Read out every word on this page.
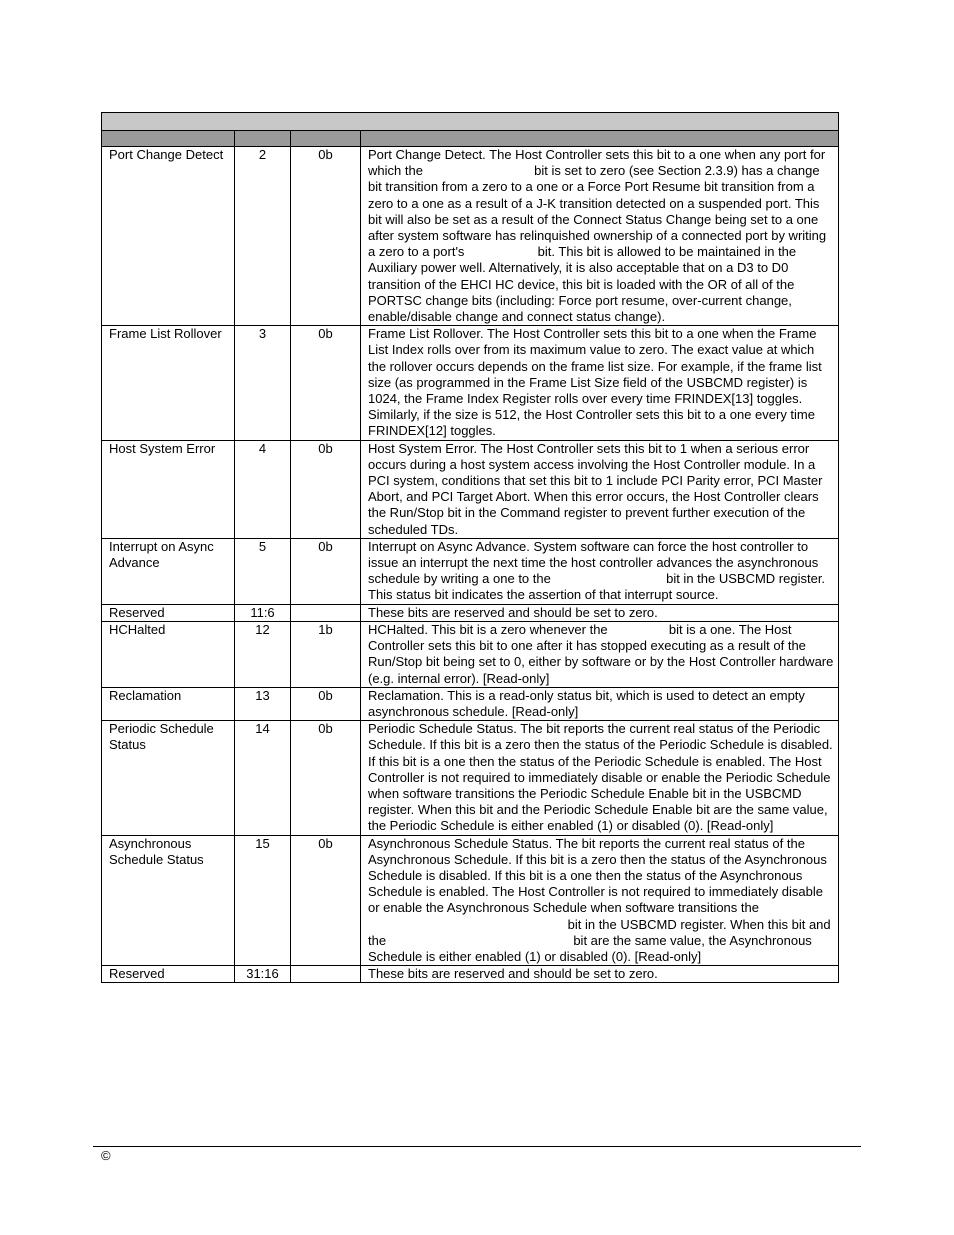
Port Change Detect	2	0b	Port Change Detect. The Host Controller sets this bit to a one when any port for which the bit is set to zero (see Section 2.3.9) has a change bit transition from a zero to a one or a Force Port Resume bit transition from a zero to a one as a result of a J-K transition detected on a suspended port. This bit will also be set as a result of the Connect Status Change being set to a one after system software has relinquished ownership of a connected port by writing a zero to a port's bit. This bit is allowed to be maintained in the Auxiliary power well. Alternatively, it is also acceptable that on a D3 to D0 transition of the EHCI HC device, this bit is loaded with the OR of all of the PORTSC change bits (including: Force port resume, over-current change, enable/disable change and connect status change).
Frame List Rollover	3	0b	Frame List Rollover. The Host Controller sets this bit to a one when the Frame List Index rolls over from its maximum value to zero. The exact value at which the rollover occurs depends on the frame list size. For example, if the frame list size (as programmed in the Frame List Size field of the USBCMD register) is 1024, the Frame Index Register rolls over every time FRINDEX[13] toggles. Similarly, if the size is 512, the Host Controller sets this bit to a one every time FRINDEX[12] toggles.
Host System Error	4	0b	Host System Error. The Host Controller sets this bit to 1 when a serious error occurs during a host system access involving the Host Controller module. In a PCI system, conditions that set this bit to 1 include PCI Parity error, PCI Master Abort, and PCI Target Abort. When this error occurs, the Host Controller clears the Run/Stop bit in the Command register to prevent further execution of the scheduled TDs.
Interrupt on Async Advance	5	0b	Interrupt on Async Advance. System software can force the host controller to issue an interrupt the next time the host controller advances the asynchronous schedule by writing a one to the bit in the USBCMD register. This status bit indicates the assertion of that interrupt source.
Reserved	11:6		These bits are reserved and should be set to zero.
HCHalted	12	1b	HCHalted. This bit is a zero whenever the bit is a one. The Host Controller sets this bit to one after it has stopped executing as a result of the Run/Stop bit being set to 0, either by software or by the Host Controller hardware (e.g. internal error). [Read-only]
Reclamation	13	0b	Reclamation. This is a read-only status bit, which is used to detect an empty asynchronous schedule. [Read-only]
Periodic Schedule Status	14	0b	Periodic Schedule Status. The bit reports the current real status of the Periodic Schedule. If this bit is a zero then the status of the Periodic Schedule is disabled. If this bit is a one then the status of the Periodic Schedule is enabled. The Host Controller is not required to immediately disable or enable the Periodic Schedule when software transitions the Periodic Schedule Enable bit in the USBCMD register. When this bit and the Periodic Schedule Enable bit are the same value, the Periodic Schedule is either enabled (1) or disabled (0). [Read-only]
Asynchronous Schedule Status	15	0b	Asynchronous Schedule Status. The bit reports the current real status of the Asynchronous Schedule. If this bit is a zero then the status of the Asynchronous Schedule is disabled. If this bit is a one then the status of the Asynchronous Schedule is enabled. The Host Controller is not required to immediately disable or enable the Asynchronous Schedule when software transitions the  bit in the USBCMD register. When this bit and the bit are the same value, the Asynchronous Schedule is either enabled (1) or disabled (0). [Read-only]
Reserved	31:16		These bits are reserved and should be set to zero.
©
